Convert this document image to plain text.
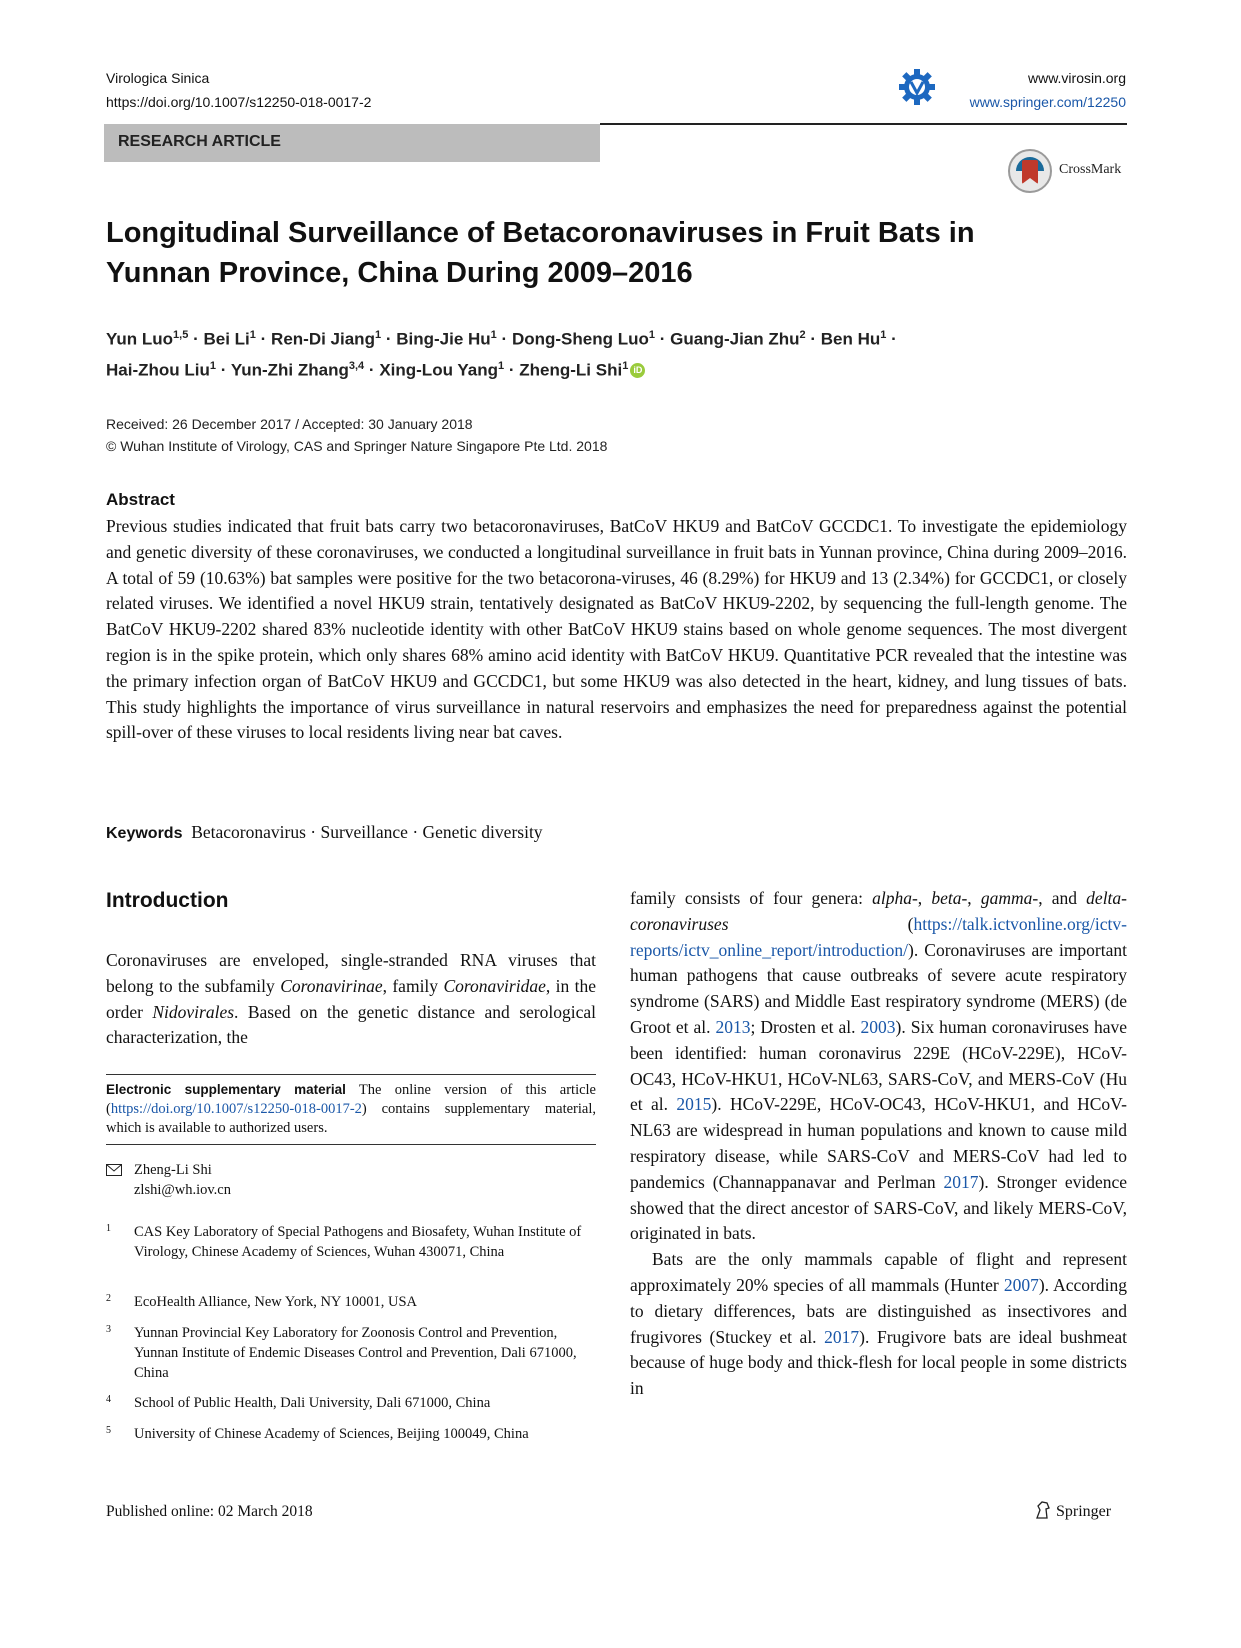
Virologica Sinica
https://doi.org/10.1007/s12250-018-0017-2
www.virosin.org
www.springer.com/12250
RESEARCH ARTICLE
CrossMark
Longitudinal Surveillance of Betacoronaviruses in Fruit Bats in Yunnan Province, China During 2009–2016
Yun Luo$^{1,5}$ · Bei $Li^1 \cdot Ren-Di$ Jiang$^1$ · Bing-Jie $Hu^1$ · Dong-Sheng Luo$^1$ · Guang-Jian Zhu$^2$ · Ben $Hu^1$ ·
Hai-Zhou Liu$^1$ · Yun-Zhi Zhang$^{3,4}$ · Xing-Lou Yang$^1$ · Zheng-Li Shi$^1$ iD
Received: 26 December 2017 / Accepted: 30 January 2018
© Wuhan Institute of Virology, CAS and Springer Nature Singapore Pte Ltd. 2018
Abstract
Previous studies indicated that fruit bats carry two betacoronaviruses, BatCoV HKU9 and BatCoV GCCDC1. To investigate the epidemiology and genetic diversity of these coronaviruses, we conducted a longitudinal surveillance in fruit bats in Yunnan province, China during 2009–2016. A total of 59 (10.63%) bat samples were positive for the two betacorona-viruses, 46 (8.29%) for HKU9 and 13 (2.34%) for GCCDC1, or closely related viruses. We identified a novel HKU9 strain, tentatively designated as BatCoV HKU9-2202, by sequencing the full-length genome. The BatCoV HKU9-2202 shared 83% nucleotide identity with other BatCoV HKU9 stains based on whole genome sequences. The most divergent region is in the spike protein, which only shares 68% amino acid identity with BatCoV HKU9. Quantitative PCR revealed that the intestine was the primary infection organ of BatCoV HKU9 and GCCDC1, but some HKU9 was also detected in the heart, kidney, and lung tissues of bats. This study highlights the importance of virus surveillance in natural reservoirs and emphasizes the need for preparedness against the potential spill-over of these viruses to local residents living near bat caves.
Keywords Betacoronavirus · Surveillance · Genetic diversity
Introduction
Coronaviruses are enveloped, single-stranded RNA viruses that belong to the subfamily Coronavirinae, family Coronaviridae, in the order Nidovirales. Based on the genetic distance and serological characterization, the
Electronic supplementary material The online version of this article (https://doi.org/10.1007/s12250-018-0017-2) contains supplementary material, which is available to authorized users.
Zheng-Li Shi
zlshi@wh.iov.cn
1 CAS Key Laboratory of Special Pathogens and Biosafety, Wuhan Institute of Virology, Chinese Academy of Sciences, Wuhan 430071, China
2 EcoHealth Alliance, New York, NY 10001, USA
3 Yunnan Provincial Key Laboratory for Zoonosis Control and Prevention, Yunnan Institute of Endemic Diseases Control and Prevention, Dali 671000, China
4 School of Public Health, Dali University, Dali 671000, China
5 University of Chinese Academy of Sciences, Beijing 100049, China

family consists of four genera: alpha-, beta-, gamma-, and delta-coronaviruses (https://talk.ictvonline.org/ictv-reports/ictv_online_report/introduction/). Coronaviruses are important human pathogens that cause outbreaks of severe acute respiratory syndrome (SARS) and Middle East respiratory syndrome (MERS) (de Groot et al. 2013; Drosten et al. 2003). Six human coronaviruses have been identified: human coronavirus 229E (HCoV-229E), HCoV-OC43, HCoV-HKU1, HCoV-NL63, SARS-CoV, and MERS-CoV (Hu et al. 2015). HCoV-229E, HCoV-OC43, HCoV-HKU1, and HCoV-NL63 are widespread in human populations and known to cause mild respiratory disease, while SARS-CoV and MERS-CoV had led to pandemics (Channappanavar and Perlman 2017). Stronger evidence showed that the direct ancestor of SARS-CoV, and likely MERS-CoV, originated in bats.

Bats are the only mammals capable of flight and represent approximately 20% species of all mammals (Hunter 2007). According to dietary differences, bats are distinguished as insectivores and frugivores (Stuckey et al. 2017). Frugivore bats are ideal bushmeat because of huge body and thick-flesh for local people in some districts in

Published online: 02 March 2018	Springer
